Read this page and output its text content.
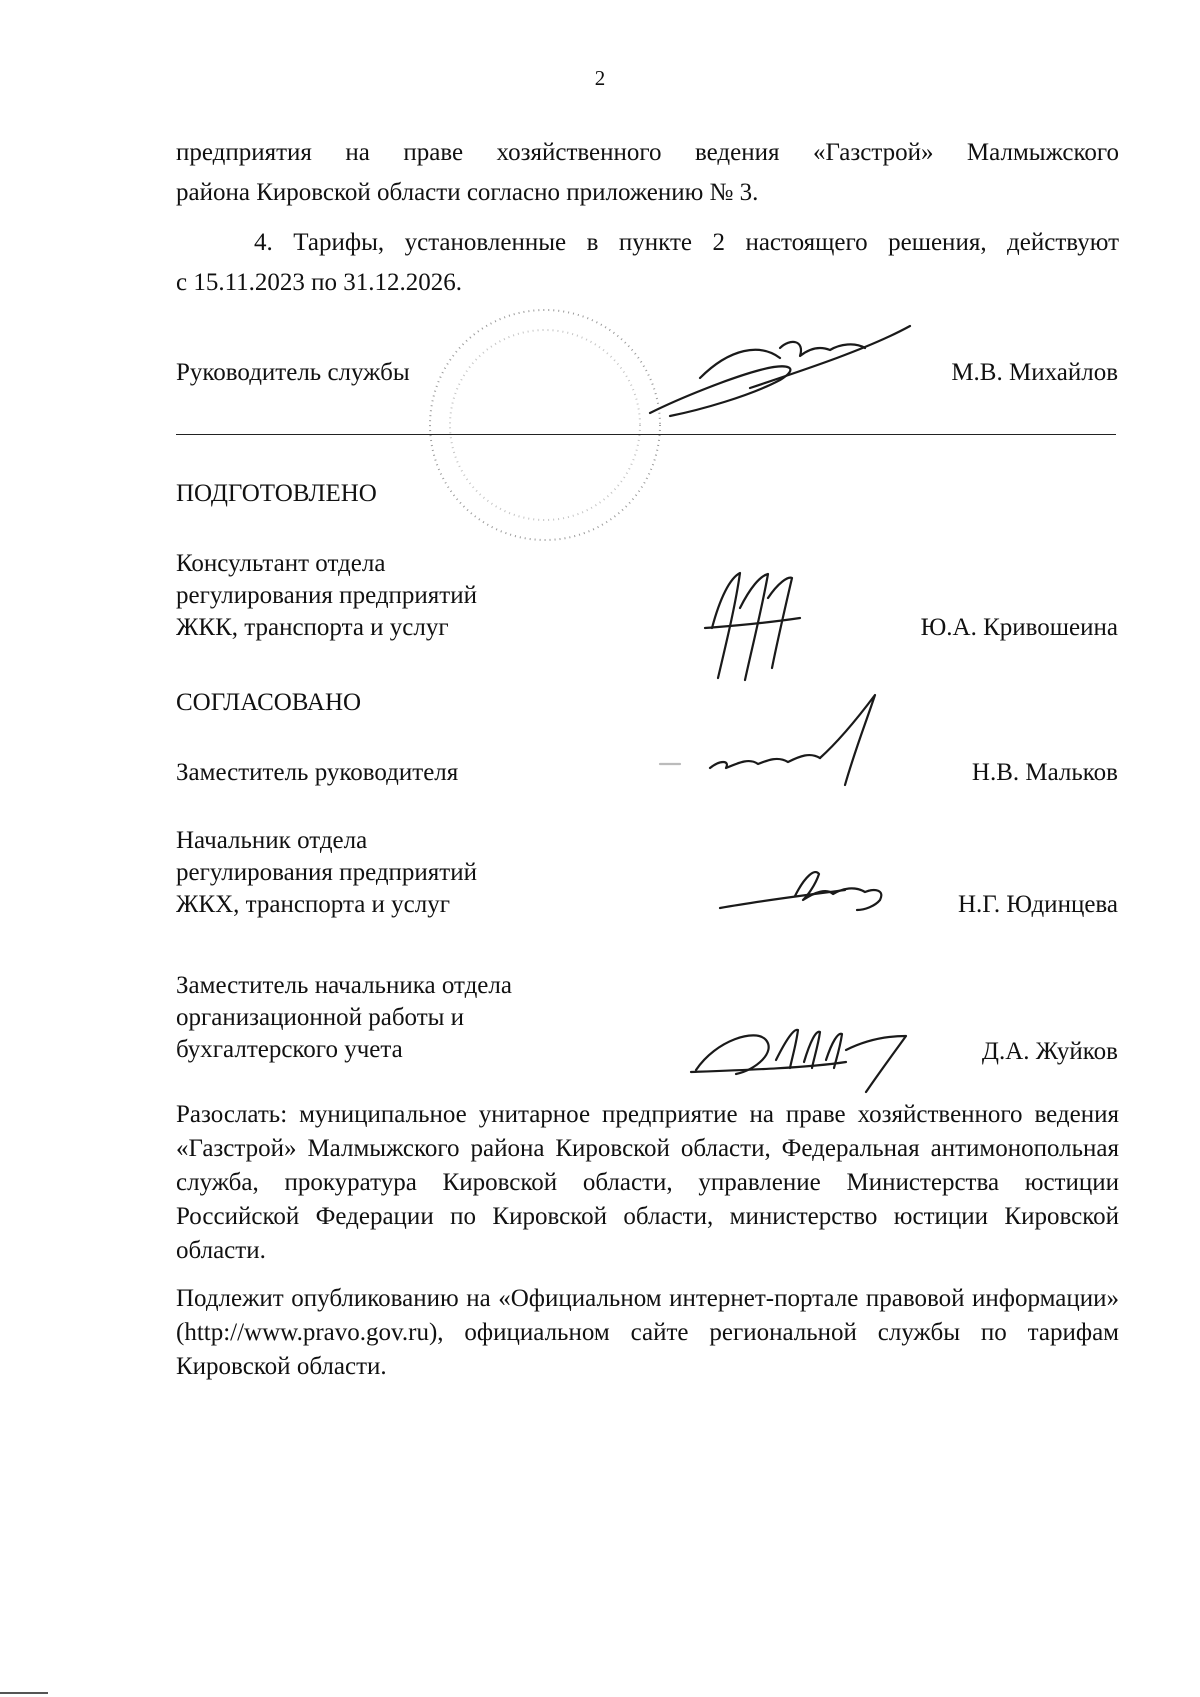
2
предприятия на праве хозяйственного ведения «Газстрой» Малмыжского
района Кировской области согласно приложению № 3.
4. Тарифы, установленные в пункте 2 настоящего решения, действуют
с 15.11.2023 по 31.12.2026.
Руководитель службы	М.В. Михайлов
ПОДГОТОВЛЕНО
Консультант отдела
регулирования предприятий
ЖКК, транспорта и услуг	Ю.А. Кривошеина
СОГЛАСОВАНО
Заместитель руководителя	Н.В. Мальков
Начальник отдела
регулирования предприятий
ЖКХ, транспорта и услуг	Н.Г. Юдинцева
Заместитель начальника отдела
организационной работы и
бухгалтерского учета	Д.А. Жуйков
Разослать: муниципальное унитарное предприятие на праве хозяйственного ведения «Газстрой» Малмыжского района Кировской области, Федеральная антимонопольная служба, прокуратура Кировской области, управление Министерства юстиции Российской Федерации по Кировской области, министерство юстиции Кировской области.
Подлежит опубликованию на «Официальном интернет-портале правовой информации» (http://www.pravo.gov.ru), официальном сайте региональной службы по тарифам Кировской области.
